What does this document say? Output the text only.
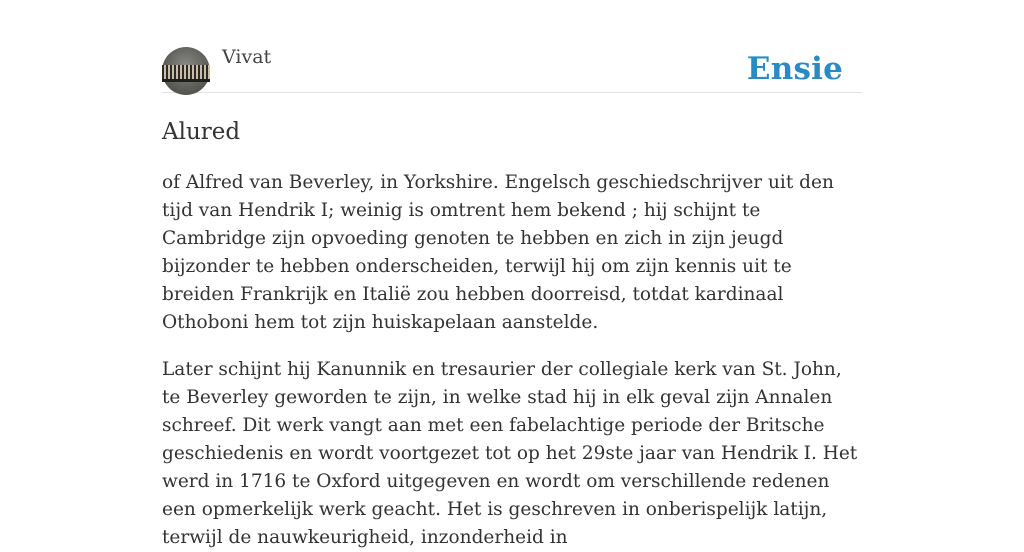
Vivat	Ensie
Alured

of Alfred van Beverley, in Yorkshire. Engelsch geschiedschrijver uit den tijd van Hendrik I; weinig is omtrent hem bekend ; hij schijnt te Cambridge zijn opvoeding genoten te hebben en zich in zijn jeugd bijzonder te hebben onderscheiden, terwijl hij om zijn kennis uit te breiden Frankrijk en Italië zou hebben doorreisd, totdat kardinaal Othoboni hem tot zijn huiskapelaan aanstelde.

Later schijnt hij Kanunnik en tresaurier der collegiale kerk van St. John, te Beverley geworden te zijn, in welke stad hij in elk geval zijn Annalen schreef. Dit werk vangt aan met een fabelachtige periode der Britsche geschiedenis en wordt voortgezet tot op het 29ste jaar van Hendrik I. Het werd in 1716 te Oxford uitgegeven en wordt om verschillende redenen een opmerkelijk werk geacht. Het is geschreven in onberispelijk latijn, terwijl de nauwkeurigheid, inzonderheid in
